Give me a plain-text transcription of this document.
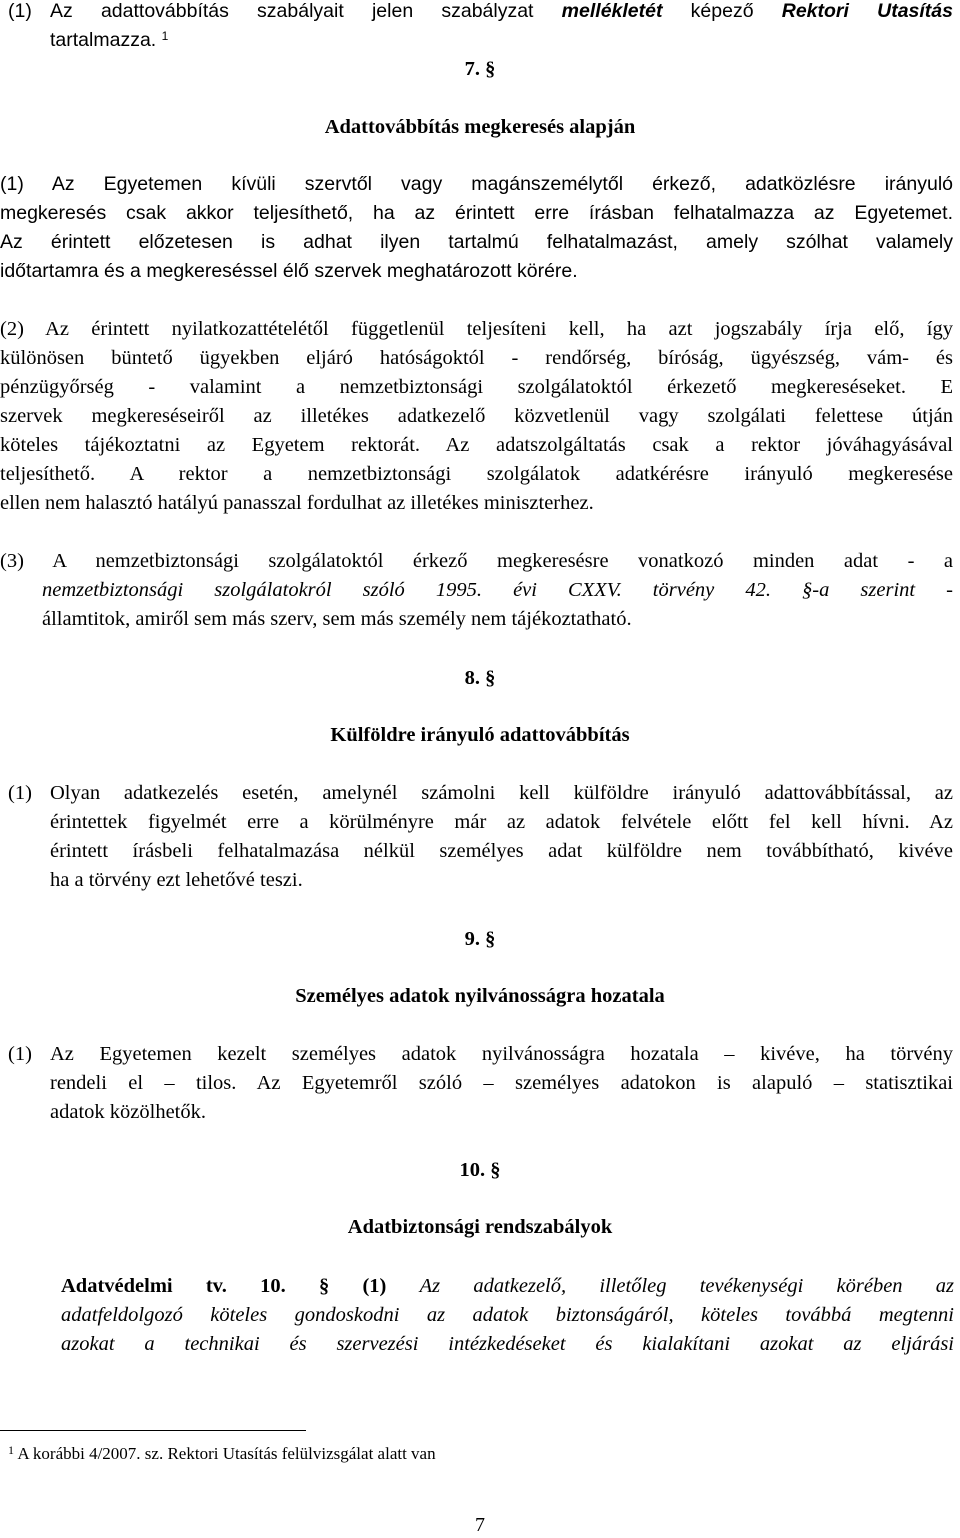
(1) Az adattovábbítás szabályait jelen szabályzat mellékletét képező Rektori Utasítás
tartalmazza. $^1$
7. §
Adattovábbítás megkeresés alapján
(1) Az Egyetemen kívüli szervtől vagy magánszemélytől érkező, adatközlésre irányuló
megkeresés csak akkor teljesíthető, ha az érintett erre írásban felhatalmazza az Egyetemet.
Az érintett előzetesen is adhat ilyen tartalmú felhatalmazást, amely szólhat valamely
időtartamra és a megkereséssel élő szervek meghatározott körére.
(2) Az érintett nyilatkozattételétől függetlenül teljesíteni kell, ha azt jogszabály írja elő, így
különösen büntető ügyekben eljáró hatóságoktól - rendőrség, bíróság, ügyészség, vám- és
pénzügyőrség - valamint a nemzetbiztonsági szolgálatoktól érkezető megkereséseket. E
szervek megkereséseiről az illetékes adatkezelő közvetlenül vagy szolgálati felettese útján
köteles tájékoztatni az Egyetem rektorát. Az adatszolgáltatás csak a rektor jóváhagyásával
teljesíthető. A rektor a nemzetbiztonsági szolgálatok adatkérésre irányuló megkeresése
ellen nem halasztó hatályú panasszal fordulhat az illetékes miniszterhez.
(3) A nemzetbiztonsági szolgálatoktól érkező megkeresésre vonatkozó minden adat - a
nemzetbiztonsági szolgálatokról szóló 1995. évi CXXV. törvény 42. §-a szerint -
államtitok, amiről sem más szerv, sem más személy nem tájékoztatható.
8. §
Külföldre irányuló adattovábbítás
(1) Olyan adatkezelés esetén, amelynél számolni kell külföldre irányuló adattovábbítással, az
érintettek figyelmét erre a körülményre már az adatok felvétele előtt fel kell hívni. Az
érintett írásbeli felhatalmazása nélkül személyes adat külföldre nem továbbítható, kivéve
ha a törvény ezt lehetővé teszi.
9. §
Személyes adatok nyilvánosságra hozatala
(1) Az Egyetemen kezelt személyes adatok nyilvánosságra hozatala – kivéve, ha törvény
rendeli el – tilos. Az Egyetemről szóló – személyes adatokon is alapuló – statisztikai
adatok közölhetők.
10. §
Adatbiztonsági rendszabályok
Adatvédelmi tv. 10. § (1) Az adatkezelő, illetőleg tevékenységi körében az
adatfeldolgozó köteles gondoskodni az adatok biztonságáról, köteles továbbá megtenni
azokat a technikai és szervezési intézkedéseket és kialakítani azokat az eljárási
$^1$ A korábbi 4/2007. sz. Rektori Utasítás felülvizsgálat alatt van
7
